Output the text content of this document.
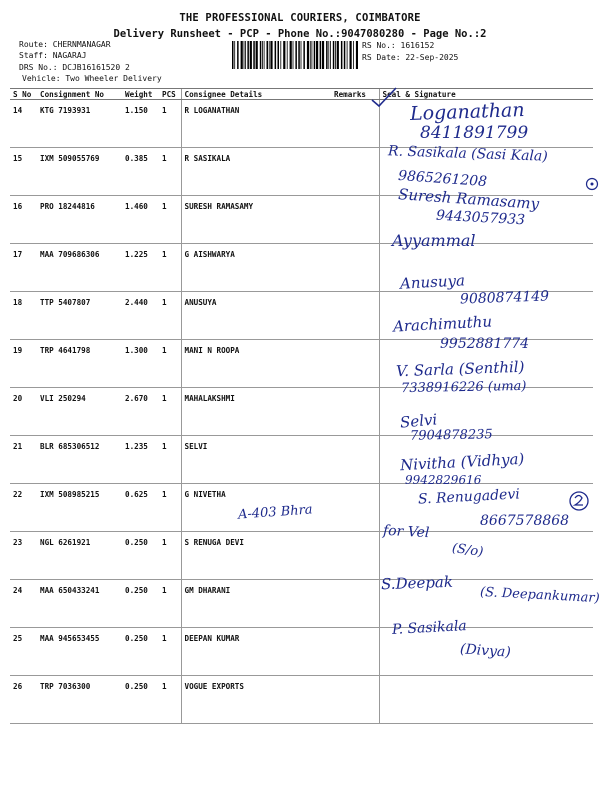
THE PROFESSIONAL COURIERS, COIMBATORE
Delivery Runsheet - PCP - Phone No.:9047080280 - Page No.:2
Route: CHERNMANAGAR
Staff: NAGARAJ
DRS No.: DCJB16161520 2
Vehicle: Two Wheeler Delivery
RS No.: 1616152
RS Date: 22-Sep-2025
S No	Consignment No	Weight	PCS	Consignee Details	Remarks	Seal & Signature
14	KTG 7193931	1.150	1	R LOGANATHAN		
15	IXM 509055769	0.385	1	R SASIKALA		
16	PRO 18244816	1.460	1	SURESH RAMASAMY		
17	MAA 709686306	1.225	1	G AISHWARYA		
18	TTP 5407807	2.440	1	ANUSUYA		
19	TRP 4641798	1.300	1	MANI N ROOPA		
20	VLI 250294	2.670	1	MAHALAKSHMI		
21	BLR 685306512	1.235	1	SELVI		
22	IXM 508985215	0.625	1	G NIVETHA		
23	NGL 6261921	0.250	1	S RENUGA DEVI		
24	MAA 650433241	0.250	1	GM DHARANI		
25	MAA 945653455	0.250	1	DEEPAN KUMAR		
26	TRP 7036300	0.250	1	VOGUE EXPORTS		
Loganathan
8411891799
R. Sasikala (Sasi Kala)
9865261208
Suresh Ramasamy
9443057933
Ayyammal
Anusuya
9080874149
Arachimuthu
9952881774
V. Sarla (Senthil)
7338916226 (uma)
Selvi
7904878235
Nivitha (Vidhya)
9942829616
S. Renugadevi
8667578868
for Vel
(S/o)
S.Deepak
(S. Deepankumar)
P. Sasikala
(Divya)
A-403 Bhra
